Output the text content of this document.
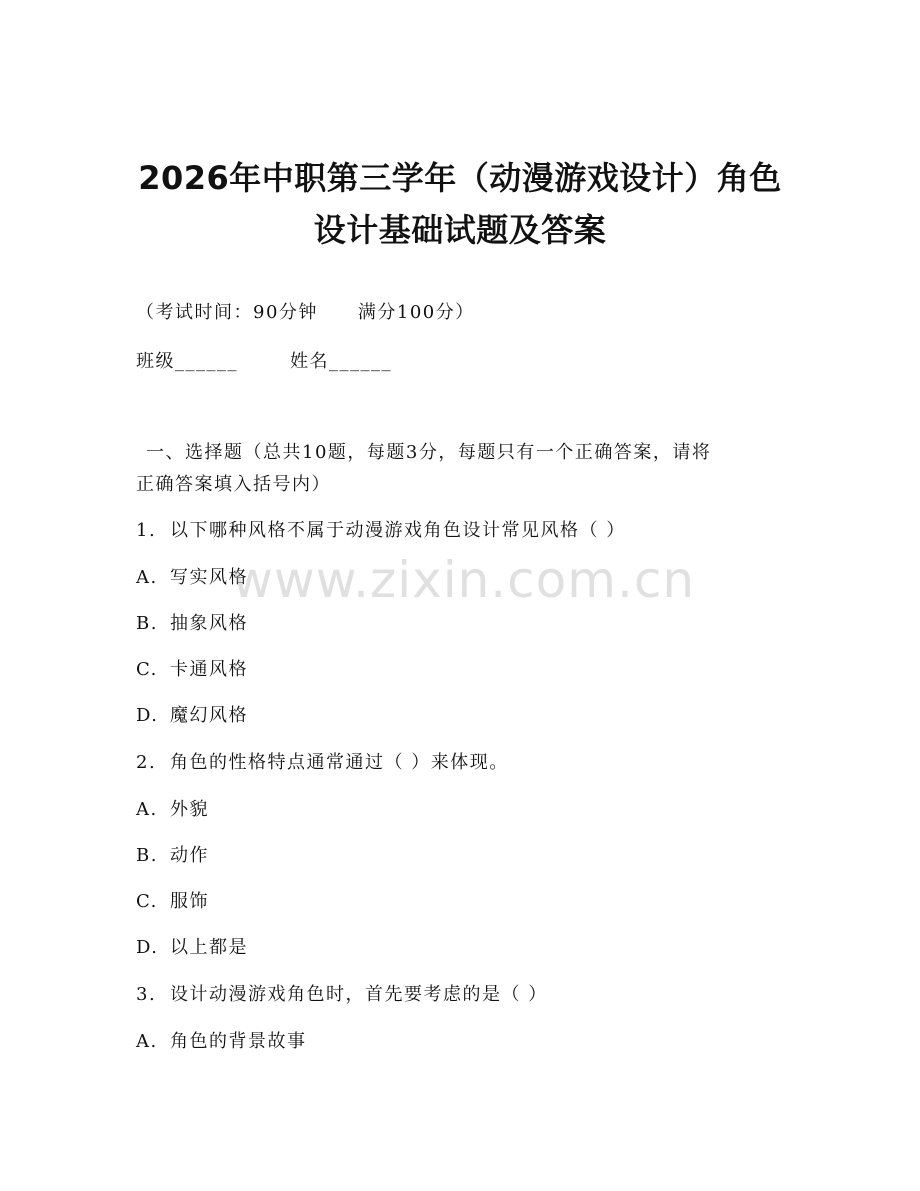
2026年中职第三学年（动漫游戏设计）角色
设计基础试题及答案
（考试时间：90分钟 满分100分）
班级______	姓名______
一、选择题（总共10题，每题3分，每题只有一个正确答案，请将
正确答案填入括号内）
1. 以下哪种风格不属于动漫游戏角色设计常见风格（ ）
A. 写实风格
B. 抽象风格
C. 卡通风格
D. 魔幻风格
2. 角色的性格特点通常通过（ ）来体现。
A. 外貌
B. 动作
C. 服饰
D. 以上都是
3. 设计动漫游戏角色时，首先要考虑的是（ ）
A. 角色的背景故事
www.zixin.com.cn
